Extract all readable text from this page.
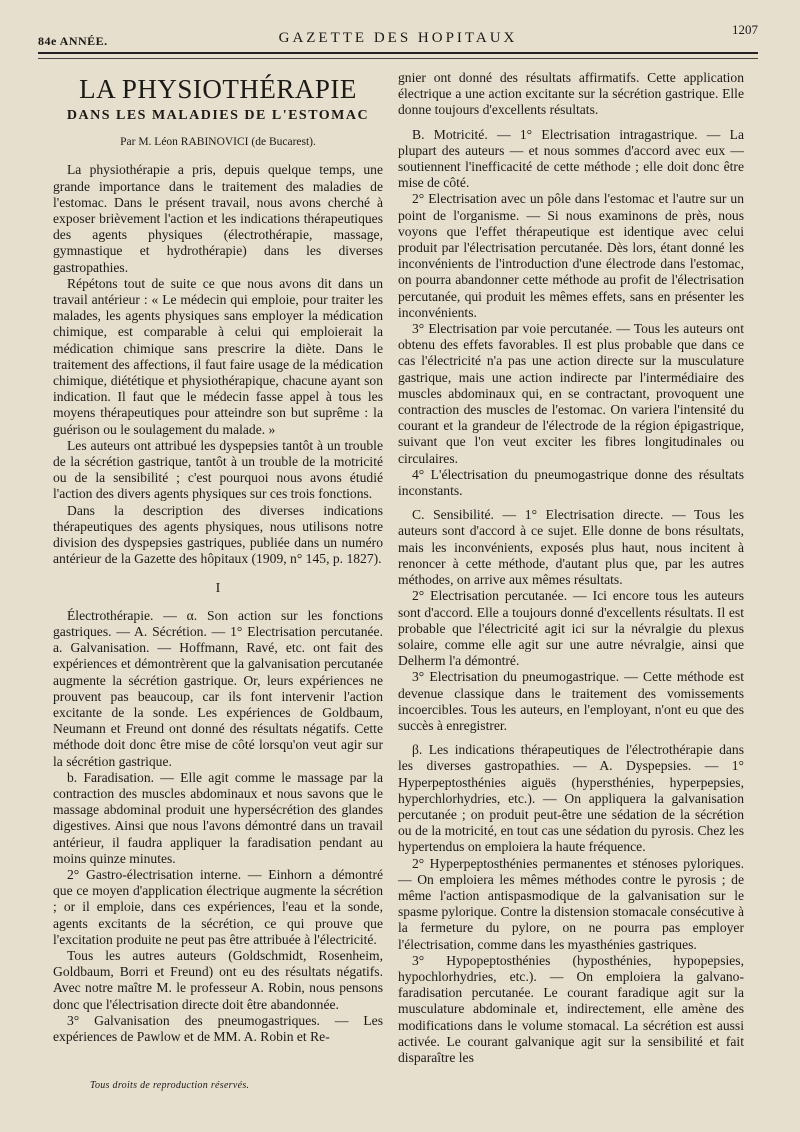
84e ANNÉE.	GAZETTE DES HOPITAUX
1207
LA PHYSIOTHÉRAPIE
DANS LES MALADIES DE L'ESTOMAC
Par M. Léon RABINOVICI (de Bucarest).

La physiothérapie a pris, depuis quelque temps, une grande importance dans le traitement des maladies de l'estomac. Dans le présent travail, nous avons cherché à exposer brièvement l'action et les indications thérapeutiques des agents physiques (électrothérapie, massage, gymnastique et hydrothérapie) dans les diverses gastropathies.

Répétons tout de suite ce que nous avons dit dans un travail antérieur : « Le médecin qui emploie, pour traiter les malades, les agents physiques sans employer la médication chimique, est comparable à celui qui emploierait la médication chimique sans prescrire la diète. Dans le traitement des affections, il faut faire usage de la médication chimique, diététique et physiothérapique, chacune ayant son indication. Il faut que le médecin fasse appel à tous les moyens thérapeutiques pour atteindre son but suprême : la guérison ou le soulagement du malade. »

Les auteurs ont attribué les dyspepsies tantôt à un trouble de la sécrétion gastrique, tantôt à un trouble de la motricité ou de la sensibilité ; c'est pourquoi nous avons étudié l'action des divers agents physiques sur ces trois fonctions.

Dans la description des diverses indications thérapeutiques des agents physiques, nous utilisons notre division des dyspepsies gastriques, publiée dans un numéro antérieur de la Gazette des hôpitaux (1909, n° 145, p. 1827).

I

Électrothérapie. — α. Son action sur les fonctions gastriques. — A. Sécrétion. — 1° Electrisation percutanée. a. Galvanisation. — Hoffmann, Ravé, etc. ont fait des expériences et démontrèrent que la galvanisation percutanée augmente la sécrétion gastrique. Or, leurs expériences ne prouvent pas beaucoup, car ils font intervenir l'action excitante de la sonde. Les expériences de Goldbaum, Neumann et Freund ont donné des résultats négatifs. Cette méthode doit donc être mise de côté lorsqu'on veut agir sur la sécrétion gastrique.

b. Faradisation. — Elle agit comme le massage par la contraction des muscles abdominaux et nous savons que le massage abdominal produit une hypersécrétion des glandes digestives. Ainsi que nous l'avons démontré dans un travail antérieur, il faudra appliquer la faradisation pendant au moins quinze minutes.

2° Gastro-électrisation interne. — Einhorn a démontré que ce moyen d'application électrique augmente la sécrétion ; or il emploie, dans ces expériences, l'eau et la sonde, agents excitants de la sécrétion, ce qui prouve que l'excitation produite ne peut pas être attribuée à l'électricité.

Tous les autres auteurs (Goldschmidt, Rosenheim, Goldbaum, Borri et Freund) ont eu des résultats négatifs. Avec notre maître M. le professeur A. Robin, nous pensons donc que l'électrisation directe doit être abandonnée.

3° Galvanisation des pneumogastriques. — Les expériences de Pawlow et de MM. A. Robin et Re-

gnier ont donné des résultats affirmatifs. Cette application électrique a une action excitante sur la sécrétion gastrique. Elle donne toujours d'excellents résultats.

B. Motricité. — 1° Electrisation intragastrique. — La plupart des auteurs — et nous sommes d'accord avec eux — soutiennent l'inefficacité de cette méthode ; elle doit donc être mise de côté.

2° Electrisation avec un pôle dans l'estomac et l'autre sur un point de l'organisme. — Si nous examinons de près, nous voyons que l'effet thérapeutique est identique avec celui produit par l'électrisation percutanée. Dès lors, étant donné les inconvénients de l'introduction d'une électrode dans l'estomac, on pourra abandonner cette méthode au profit de l'électrisation percutanée, qui produit les mêmes effets, sans en présenter les inconvénients.

3° Electrisation par voie percutanée. — Tous les auteurs ont obtenu des effets favorables. Il est plus probable que dans ce cas l'électricité n'a pas une action directe sur la musculature gastrique, mais une action indirecte par l'intermédiaire des muscles abdominaux qui, en se contractant, provoquent une contraction des muscles de l'estomac. On variera l'intensité du courant et la grandeur de l'électrode de la région épigastrique, suivant que l'on veut exciter les fibres longitudinales ou circulaires.

4° L'électrisation du pneumogastrique donne des résultats inconstants.

C. Sensibilité. — 1° Electrisation directe. — Tous les auteurs sont d'accord à ce sujet. Elle donne de bons résultats, mais les inconvénients, exposés plus haut, nous incitent à renoncer à cette méthode, d'autant plus que, par les autres méthodes, on arrive aux mêmes résultats.

2° Electrisation percutanée. — Ici encore tous les auteurs sont d'accord. Elle a toujours donné d'excellents résultats. Il est probable que l'électricité agit ici sur la névralgie du plexus solaire, comme elle agit sur une autre névralgie, ainsi que Delherm l'a démontré.

3° Electrisation du pneumogastrique. — Cette méthode est devenue classique dans le traitement des vomissements incoercibles. Tous les auteurs, en l'employant, n'ont eu que des succès à enregistrer.

β. Les indications thérapeutiques de l'électrothérapie dans les diverses gastropathies. — A. Dyspepsies. — 1° Hyperpeptosthénies aiguës (hypersthénies, hyperpepsies, hyperchlorhydries, etc.). — On appliquera la galvanisation percutanée ; on produit peut-être une sédation de la sécrétion ou de la motricité, en tout cas une sédation du pyrosis. Chez les hypertendus on emploiera la haute fréquence.

2° Hyperpeptosthénies permanentes et sténoses pyloriques. — On emploiera les mêmes méthodes contre le pyrosis ; de même l'action antispasmodique de la galvanisation sur le spasme pylorique. Contre la distension stomacale consécutive à la fermeture du pylore, on ne pourra pas employer l'électrisation, comme dans les myasthénies gastriques.

3° Hypopeptosthénies (hyposthénies, hypopepsies, hypochlorhydries, etc.). — On emploiera la galvano-faradisation percutanée. Le courant faradique agit sur la musculature abdominale et, indirectement, elle amène des modifications dans le volume stomacal. La sécrétion est aussi activée. Le courant galvanique agit sur la sensibilité et fait disparaître les

Tous droits de reproduction réservés.
